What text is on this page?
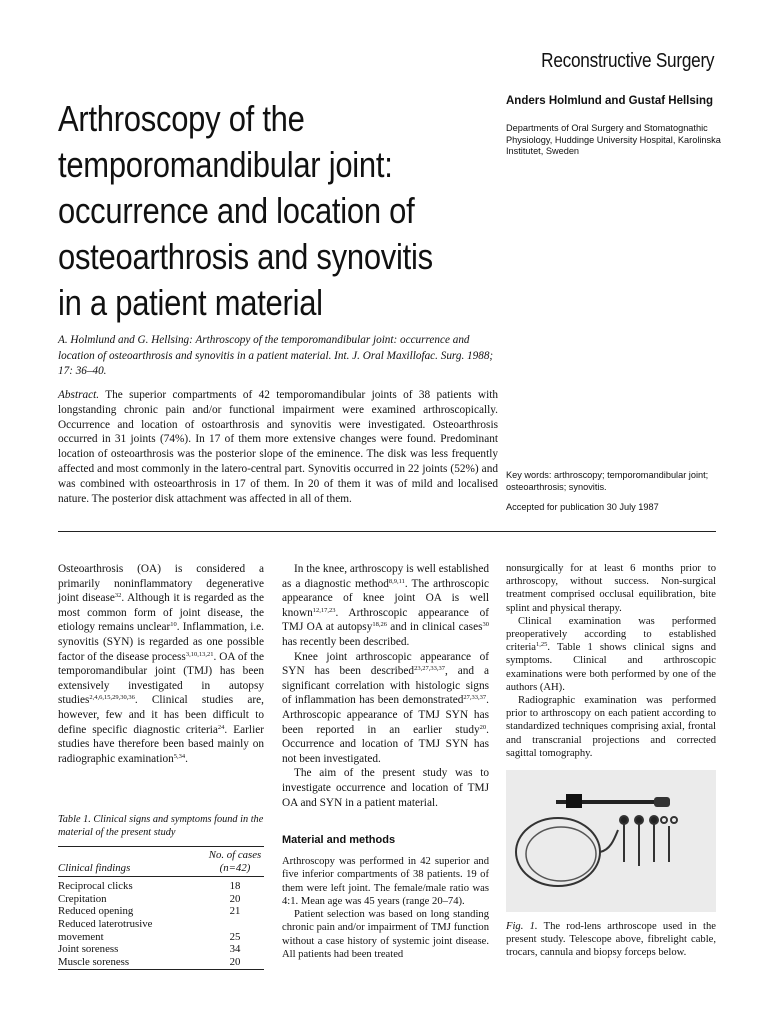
Reconstructive Surgery
Arthroscopy of the temporomandibular joint: occurrence and location of osteoarthrosis and synovitis in a patient material
Anders Holmlund and Gustaf Hellsing
Departments of Oral Surgery and Stomatognathic Physiology, Huddinge University Hospital, Karolinska Institutet, Sweden
A. Holmlund and G. Hellsing: Arthroscopy of the temporomandibular joint: occurrence and location of osteoarthrosis and synovitis in a patient material. Int. J. Oral Maxillofac. Surg. 1988; 17: 36–40.
Abstract. The superior compartments of 42 temporomandibular joints of 38 patients with longstanding chronic pain and/or functional impairment were examined arthroscopically. Occurrence and location of ostoarthrosis and synovitis were investigated. Osteoarthrosis occurred in 31 joints (74%). In 17 of them more extensive changes were found. Predominant location of osteoarthrosis was the posterior slope of the eminence. The disk was less frequently affected and most commonly in the latero-central part. Synovitis occurred in 22 joints (52%) and was combined with osteoarthrosis in 17 of them. In 20 of them it was of mild and localised nature. The posterior disk attachment was affected in all of them.
Key words: arthroscopy; temporomandibular joint; osteoarthrosis; synovitis.
Accepted for publication 30 July 1987

Osteoarthrosis (OA) is considered a primarily noninflammatory degenerative joint disease$^{32}$. Although it is regarded as the most common form of joint disease, the etiology remains unclear$^{10}$. Inflammation, i.e. synovitis (SYN) is regarded as one possible factor of the disease process$^{3,10,13,21}$. OA of the temporomandibular joint (TMJ) has been extensively investigated in autopsy studies$^{2,4,6,15,29,30,36}$. Clinical studies are, however, few and it has been difficult to define specific diagnostic criteria$^{24}$. Earlier studies have therefore been based mainly on radiographic examination$^{5,34}$.

In the knee, arthroscopy is well established as a diagnostic method$^{8,9,11}$. The arthroscopic appearance of knee joint OA is well known$^{12,17,23}$. Arthroscopic appearance of TMJ OA at autopsy$^{18,26}$ and in clinical cases$^{30}$ has recently been described.

Knee joint arthroscopic appearance of SYN has been described$^{23,27,33,37}$, and a significant correlation with histologic signs of inflammation has been demonstrated$^{27,33,37}$. Arthroscopic appearance of TMJ SYN has been reported in an earlier study$^{20}$. Occurrence and location of TMJ SYN has not been investigated.

The aim of the present study was to investigate occurrence and location of TMJ OA and SYN in a patient material.

Material and methods

Arthroscopy was performed in 42 superior and five inferior compartments of 38 patients. 19 of them were left joint. The female/male ratio was 4:1. Mean age was 45 years (range 20–74).

Patient selection was based on long standing chronic pain and/or impairment of TMJ function without a case history of systemic joint disease. All patients had been treated

Table 1. Clinical signs and symptoms found in the material of the present study
	No. of cases
Clinical findings	(n=42)
Reciprocal clicks	18
Crepitation	20
Reduced opening	21
Reduced laterotrusive	
movement	25
Joint soreness	34
Muscle soreness	20

nonsurgically for at least 6 months prior to arthroscopy, without success. Non-surgical treatment comprised occlusal equilibration, bite splint and physical therapy.

Clinical examination was performed preoperatively according to established criteria$^{1,25}$. Table 1 shows clinical signs and symptoms. Clinical and arthroscopic examinations were both performed by one of the authors (AH).

Radiographic examination was performed prior to arthroscopy on each patient according to standardized techniques comprising axial, frontal and transcranial projections and corrected sagittal tomography.

Fig. 1. The rod-lens arthroscope used in the present study. Telescope above, fibrelight cable, trocars, cannula and biopsy forceps below.
